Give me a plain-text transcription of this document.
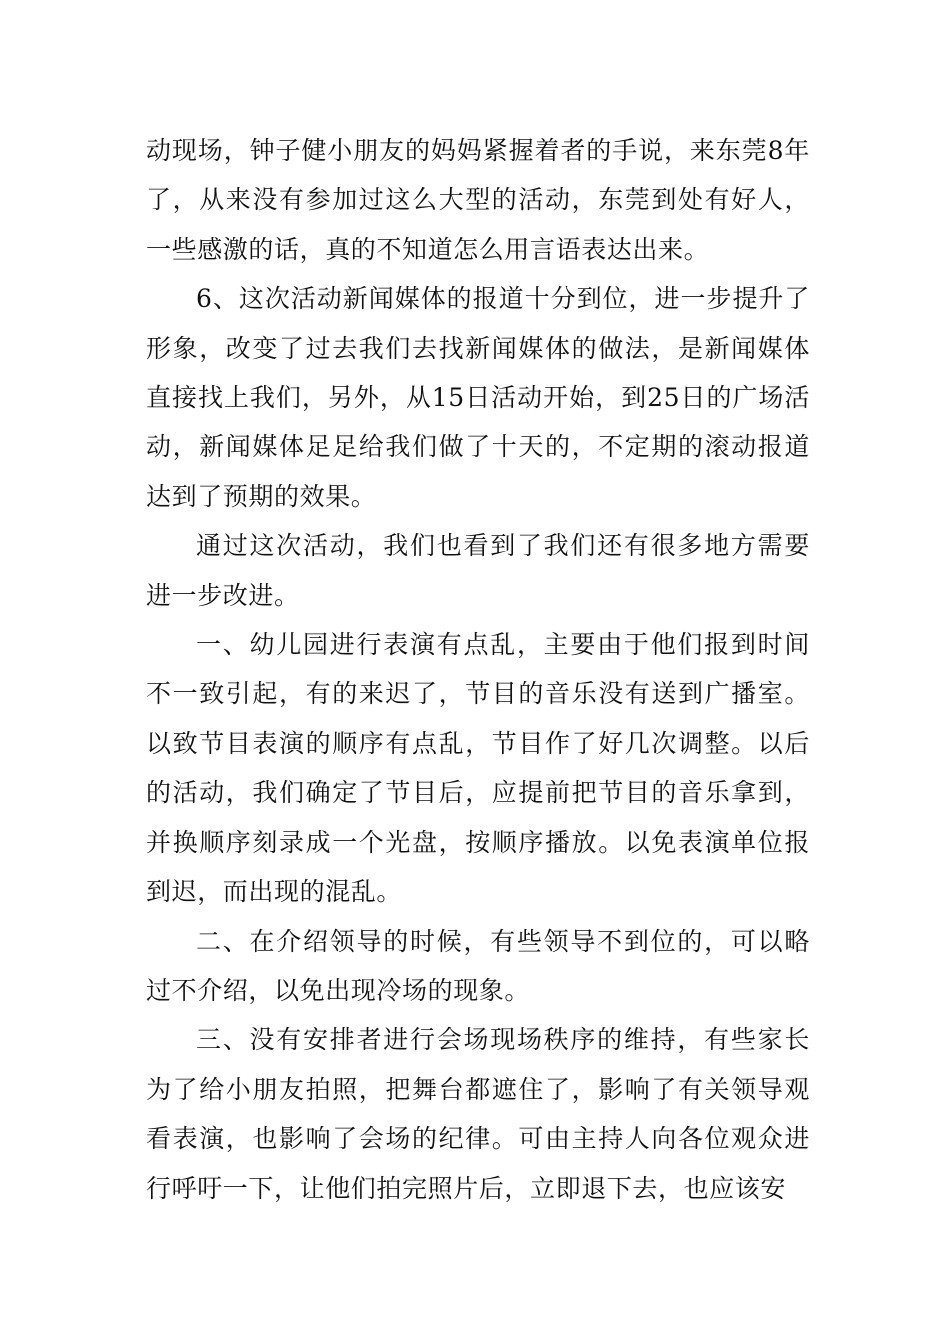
动现场，钟子健小朋友的妈妈紧握着者的手说，来东莞8年了，从来没有参加过这么大型的活动，东莞到处有好人，一些感激的话，真的不知道怎么用言语表达出来。

6、这次活动新闻媒体的报道十分到位，进一步提升了形象，改变了过去我们去找新闻媒体的做法，是新闻媒体直接找上我们，另外，从15日活动开始，到25日的广场活动，新闻媒体足足给我们做了十天的，不定期的滚动报道达到了预期的效果。

通过这次活动，我们也看到了我们还有很多地方需要进一步改进。

一、幼儿园进行表演有点乱，主要由于他们报到时间不一致引起，有的来迟了，节目的音乐没有送到广播室。以致节目表演的顺序有点乱，节目作了好几次调整。以后的活动，我们确定了节目后，应提前把节目的音乐拿到，并换顺序刻录成一个光盘，按顺序播放。以免表演单位报到迟，而出现的混乱。

二、在介绍领导的时候，有些领导不到位的，可以略过不介绍，以免出现冷场的现象。

三、没有安排者进行会场现场秩序的维持，有些家长为了给小朋友拍照，把舞台都遮住了，影响了有关领导观看表演，也影响了会场的纪律。可由主持人向各位观众进行呼吁一下，让他们拍完照片后，立即退下去，也应该安
